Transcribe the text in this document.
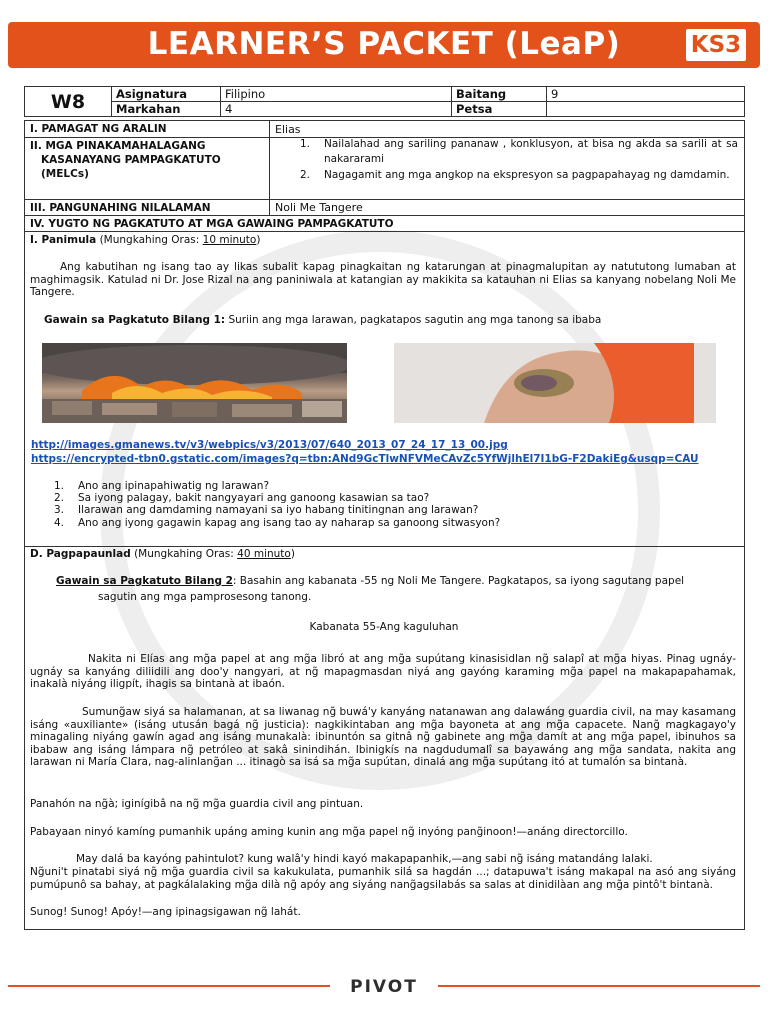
LEARNER’S PACKET (LeaP)	KS3
W8	Asignatura	Filipino	Baitang	9
	Markahan	4	Petsa	
I. PAMAGAT NG ARALIN	Elias
II. MGA PINAKAMAHALAGANG
KASANAYANG PAMPAGKATUTO
(MELCs)
1. Nailalahad ang sariling pananaw , konklusyon, at bisa ng akda sa sarili at sa nakararami
2. Nagagamit ang mga angkop na ekspresyon sa pagpapahayag ng damdamin.
III. PANGUNAHING NILALAMAN	Noli Me Tangere
IV. YUGTO NG PAGKATUTO AT MGA GAWAING PAMPAGKATUTO
I. Panimula (Mungkahing Oras: 10 minuto)
Ang kabutihan ng isang tao ay likas subalit kapag pinagkaitan ng katarungan at pinagmalupitan ay natututong lumaban at maghimagsik. Katulad ni Dr. Jose Rizal na ang paniniwala at katangian ay makikita sa katauhan ni Elias sa kanyang nobelang Noli Me Tangere.
Gawain sa Pagkatuto Bilang 1: Suriin ang mga larawan, pagkatapos sagutin ang mga tanong sa ibaba
http://images.gmanews.tv/v3/webpics/v3/2013/07/640_2013_07_24_17_13_00.jpg
https://encrypted-tbn0.gstatic.com/images?q=tbn:ANd9GcTlwNFVMeCAvZc5YfWjlhEl7I1bG-F2DakiEg&usqp=CAU
1. Ano ang ipinapahiwatig ng larawan?
2. Sa iyong palagay, bakit nangyayari ang ganoong kasawian sa tao?
3. Ilarawan ang damdaming namayani sa iyo habang tinitingnan ang larawan?
4. Ano ang iyong gagawin kapag ang isang tao ay naharap sa ganoong sitwasyon?
D. Pagpapaunlad (Mungkahing Oras: 40 minuto)
Gawain sa Pagkatuto Bilang 2: Basahin ang kabanata -55 ng Noli Me Tangere. Pagkatapos, sa iyong sagutang papel
sagutin ang mga pamprosesong tanong.
Kabanata 55-Ang kaguluhan
Nakita ni Elías ang mg̃a papel at ang mg̃a libró at ang mg̃a supútang kinasisidlan ng̃ salapî at mg̃a hiyas. Pinag ugnáy-ugnáy sa kanyáng diliidili ang doo'y nangyari, at ng̃ mapagmasdan niyá ang gayóng karaming mg̃a papel na makapapahamak, inakalà niyáng iligpít, ihagis sa bintanà at ibaón.
Sumung̃aw siyá sa halamanan, at sa liwanag ng̃ buwá'y kanyáng natanawan ang dalawáng guardia civil, na may kasamang isáng «auxiliante» (isáng utusán bagá ng̃ justicia): nagkikintaban ang mg̃a bayoneta at ang mg̃a capacete. Nang̃ magkagayo'y minagaling niyáng gawín agad ang isáng munakalà: ibinuntón sa gitnâ ng̃ gabinete ang mg̃a damít at ang mg̃a papel, ibinuhos sa ibabaw ang isáng lámpara ng̃ petróleo at sakâ sinindihán. Ibinigkís na nagdudumalî sa bayawáng ang mg̃a sandata, nakita ang larawan ni María Clara, nag-alinlang̃an ... itinagò sa isá sa mg̃a supútan, dinalá ang mg̃a supútang itó at tumalón sa bintanà.
Panahón na ng̃à; iginígibâ na ng̃ mg̃a guardia civil ang pintuan.
Pabayaan ninyó kamíng pumanhik upáng aming kunin ang mg̃a papel ng̃ inyóng pang̃inoon!—anáng directorcillo.
May dalá ba kayóng pahintulot? kung walâ'y hindi kayó makapapanhik,—ang sabi ng̃ isáng matandáng lalaki.
Ng̃uni't pinatabi siyá ng̃ mg̃a guardia civil sa kakukulata, pumanhik silá sa hagdán ...; datapuwa't isáng makapal na asó ang siyáng pumúpunô sa bahay, at pagkálalaking mg̃a dilà ng̃ apóy ang siyáng nang̃agsilabás sa salas at dinidilàan ang mg̃a pintô't bintanà.
Sunog! Sunog! Apóy!—ang ipinagsigawan ng̃ lahát.
PIVOT
